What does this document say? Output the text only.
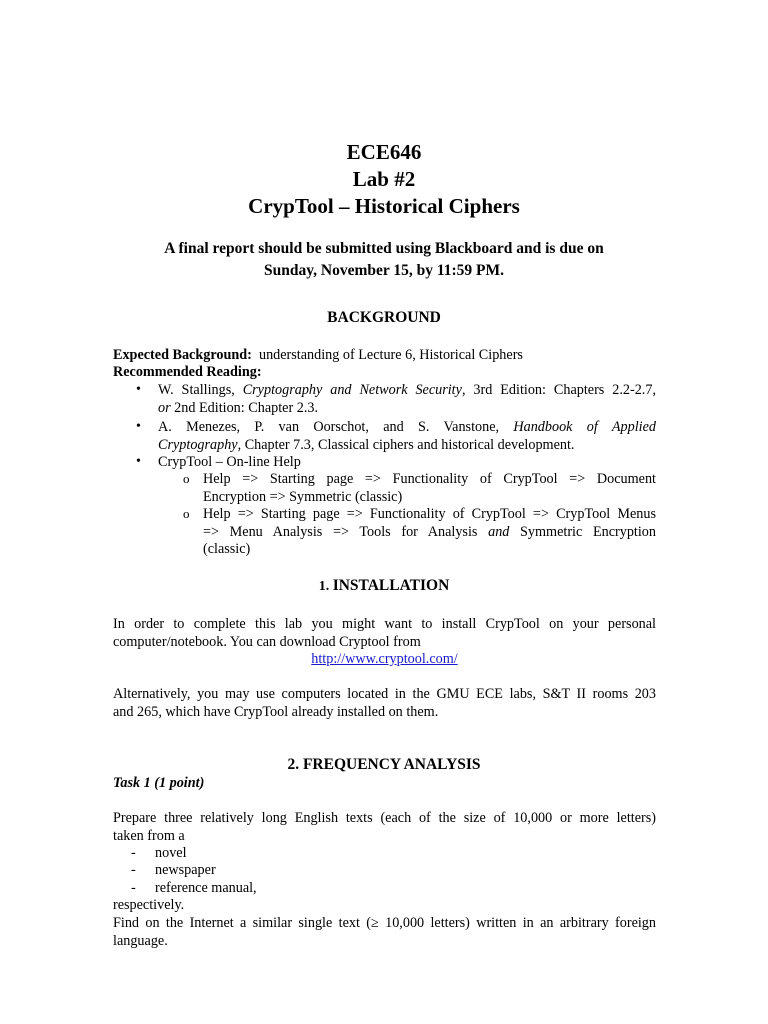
ECE646
Lab #2
CrypTool – Historical Ciphers
A final report should be submitted using Blackboard and is due on
Sunday, November 15, by 11:59 PM.
BACKGROUND
Expected Background:  understanding of Lecture 6, Historical Ciphers
Recommended Reading:
• W. Stallings, Cryptography and Network Security, 3rd Edition: Chapters 2.2-2.7,
or 2nd Edition: Chapter 2.3.
• A. Menezes, P. van Oorschot, and S. Vanstone, Handbook of Applied
Cryptography, Chapter 7.3, Classical ciphers and historical development.
• CrypTool – On-line Help
o Help => Starting page => Functionality of CrypTool => Document
Encryption => Symmetric (classic)
o Help => Starting page => Functionality of CrypTool => CrypTool Menus
=> Menu Analysis => Tools for Analysis and Symmetric Encryption
(classic)
1. INSTALLATION
In order to complete this lab you might want to install CrypTool on your personal
computer/notebook. You can download Cryptool from
http://www.cryptool.com/
Alternatively, you may use computers located in the GMU ECE labs, S&T II rooms 203
and 265, which have CrypTool already installed on them.
2. FREQUENCY ANALYSIS
Task 1 (1 point)
Prepare three relatively long English texts (each of the size of 10,000 or more letters)
taken from a
-	novel
-	newspaper
-	reference manual,
respectively.
Find on the Internet a similar single text (≥ 10,000 letters) written in an arbitrary foreign
language.
